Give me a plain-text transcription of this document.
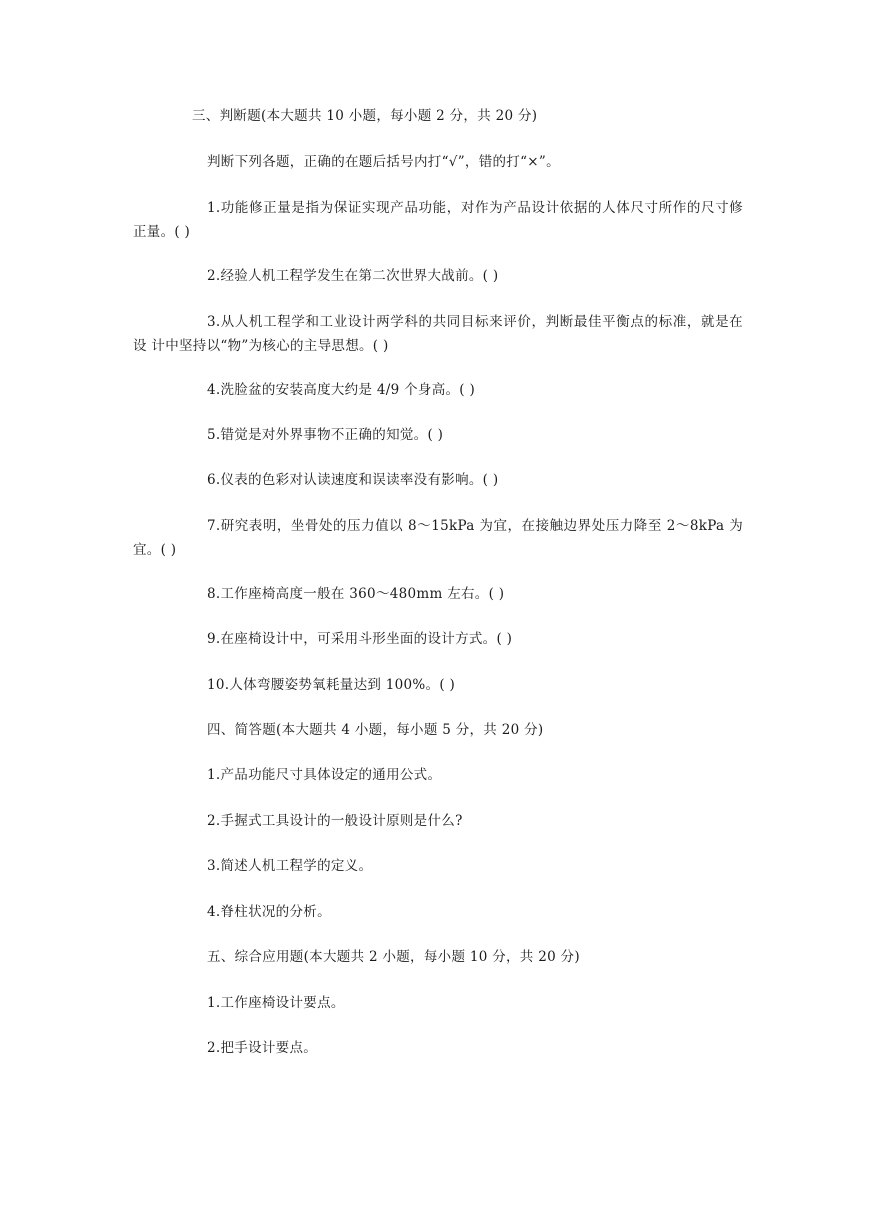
三、判断题(本大题共 10 小题，每小题 2 分，共 20 分)
判断下列各题，正确的在题后括号内打“√”，错的打“×”。
1.功能修正量是指为保证实现产品功能，对作为产品设计依据的人体尺寸所作的尺寸修正量。( )
2.经验人机工程学发生在第二次世界大战前。( )
3.从人机工程学和工业设计两学科的共同目标来评价，判断最佳平衡点的标准，就是在设 计中坚持以“物”为核心的主导思想。( )
4.洗脸盆的安装高度大约是 4/9 个身高。( )
5.错觉是对外界事物不正确的知觉。( )
6.仪表的色彩对认读速度和误读率没有影响。( )
7.研究表明，坐骨处的压力值以 8～15kPa 为宜，在接触边界处压力降至 2～8kPa 为宜。( )
8.工作座椅高度一般在 360～480mm 左右。( )
9.在座椅设计中，可采用斗形坐面的设计方式。( )
10.人体弯腰姿势氧耗量达到 100%。( )
四、简答题(本大题共 4 小题，每小题 5 分，共 20 分)
1.产品功能尺寸具体设定的通用公式。
2.手握式工具设计的一般设计原则是什么?
3.简述人机工程学的定义。
4.脊柱状况的分析。
五、综合应用题(本大题共 2 小题，每小题 10 分，共 20 分)
1.工作座椅设计要点。
2.把手设计要点。
